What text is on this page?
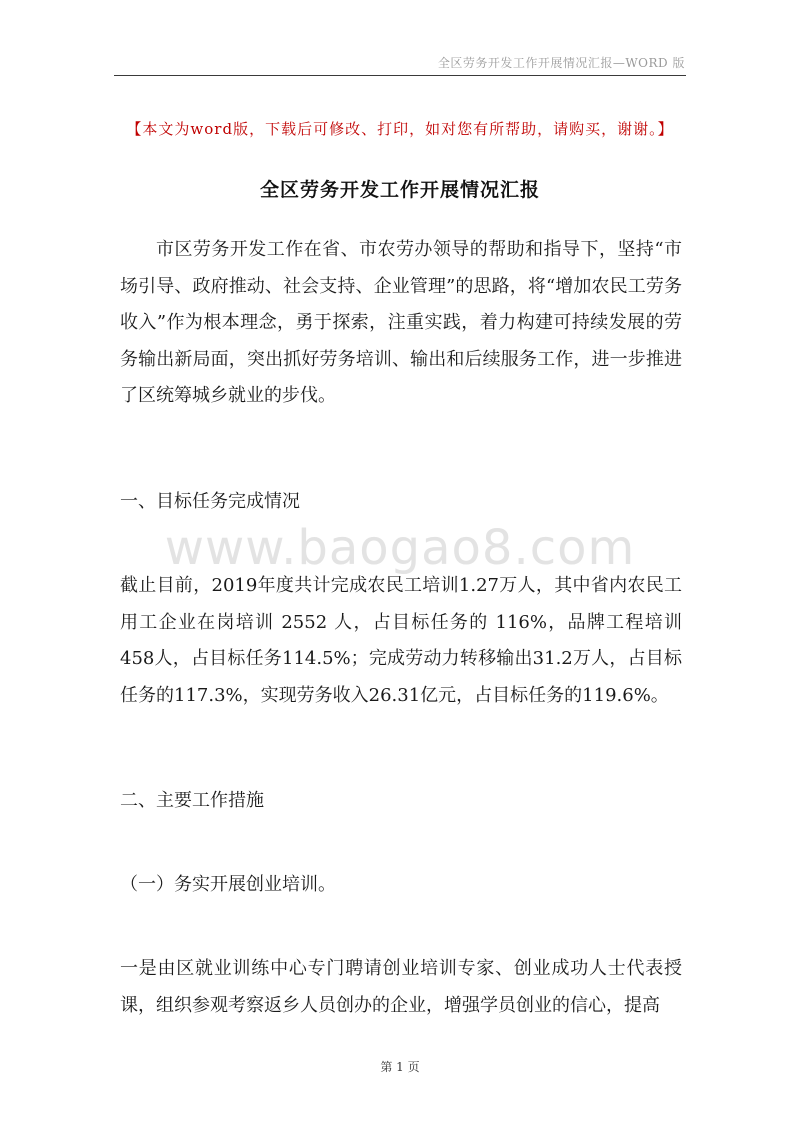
全区劳务开发工作开展情况汇报—WORD 版
【本文为word版，下载后可修改、打印，如对您有所帮助，请购买，谢谢。】
全区劳务开发工作开展情况汇报
市区劳务开发工作在省、市农劳办领导的帮助和指导下，坚持“市场引导、政府推动、社会支持、企业管理”的思路，将“增加农民工劳务收入”作为根本理念，勇于探索，注重实践，着力构建可持续发展的劳务输出新局面，突出抓好劳务培训、输出和后续服务工作，进一步推进了区统筹城乡就业的步伐。
一、目标任务完成情况
www.baogao8.com
截止目前，2019年度共计完成农民工培训1.27万人，其中省内农民工用工企业在岗培训 2552 人，占目标任务的 116%，品牌工程培训458人，占目标任务114.5%；完成劳动力转移输出31.2万人，占目标任务的117.3%，实现劳务收入26.31亿元，占目标任务的119.6%。
二、主要工作措施
（一）务实开展创业培训。
一是由区就业训练中心专门聘请创业培训专家、创业成功人士代表授课，组织参观考察返乡人员创办的企业，增强学员创业的信心，提高
第 1 页
